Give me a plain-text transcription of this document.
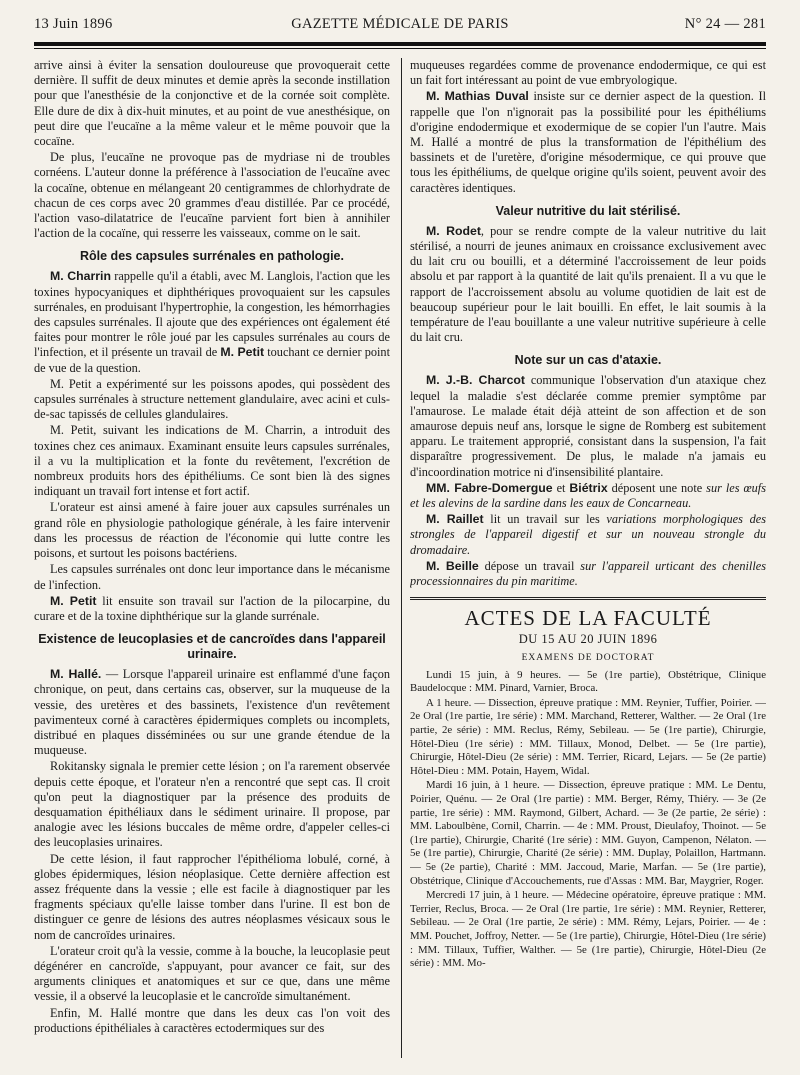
13 Juin 1896	GAZETTE MÉDICALE DE PARIS	N° 24 — 281

arrive ainsi à éviter la sensation douloureuse que provoquerait cette dernière. Il suffit de deux minutes et demie après la seconde instillation pour que l'anesthésie de la conjonctive et de la cornée soit complète. Elle dure de dix à dix-huit minutes, et au point de vue anesthésique, on peut dire que l'eucaïne a la même valeur et le même pouvoir que la cocaïne.

De plus, l'eucaïne ne provoque pas de mydriase ni de troubles cornéens. L'auteur donne la préférence à l'association de l'eucaïne avec la cocaïne, obtenue en mélangeant 20 centigrammes de chlorhydrate de chacun de ces corps avec 20 grammes d'eau distillée. Par ce procédé, l'action vaso-dilatatrice de l'eucaïne parvient fort bien à annihiler l'action de la cocaïne, qui resserre les vaisseaux, comme on le sait.

Rôle des capsules surrénales en pathologie.

M. Charrin rappelle qu'il a établi, avec M. Langlois, l'action que les toxines hypocyaniques et diphthériques provoquaient sur les capsules surrénales, en produisant l'hypertrophie, la congestion, les hémorrhagies des capsules surrénales. Il ajoute que des expériences ont également été faites pour montrer le rôle joué par les capsules surrénales au cours de l'infection, et il présente un travail de M. Petit touchant ce dernier point de vue de la question.

M. Petit a expérimenté sur les poissons apodes, qui possèdent des capsules surrénales à structure nettement glandulaire, avec acini et culs-de-sac tapissés de cellules glandulaires.

M. Petit, suivant les indications de M. Charrin, a introduit des toxines chez ces animaux. Examinant ensuite leurs capsules surrénales, il a vu la multiplication et la fonte du revêtement, l'excrétion de nombreux produits hors des épithéliums. Ce sont bien là des signes indiquant un travail fort intense et fort actif.

L'orateur est ainsi amené à faire jouer aux capsules surrénales un grand rôle en physiologie pathologique générale, à les faire intervenir dans les processus de réaction de l'économie qui lutte contre les poisons, et surtout les poisons bactériens.

Les capsules surrénales ont donc leur importance dans le mécanisme de l'infection.

M. Petit lit ensuite son travail sur l'action de la pilocarpine, du curare et de la toxine diphthérique sur la glande surrénale.

Existence de leucoplasies et de cancroïdes dans l'appareil urinaire.

M. Hallé. — Lorsque l'appareil urinaire est enflammé d'une façon chronique, on peut, dans certains cas, observer, sur la muqueuse de la vessie, des uretères et des bassinets, l'existence d'un revêtement pavimenteux corné à caractères épidermiques complets ou incomplets, distribué en plaques disséminées ou sur une grande étendue de la muqueuse.

Rokitansky signala le premier cette lésion ; on l'a rarement observée depuis cette époque, et l'orateur n'en a rencontré que sept cas. Il croit qu'on peut la diagnostiquer par la présence des produits de desquamation épithéliaux dans le sédiment urinaire. Il propose, par analogie avec les lésions buccales de même ordre, d'appeler celles-ci des leucoplasies urinaires.

De cette lésion, il faut rapprocher l'épithélioma lobulé, corné, à globes épidermiques, lésion néoplasique. Cette dernière affection est assez fréquente dans la vessie ; elle est facile à diagnostiquer par les fragments spéciaux qu'elle laisse tomber dans l'urine. Il est bon de distinguer ce genre de lésions des autres néoplasmes vésicaux sous le nom de cancroïdes urinaires.

L'orateur croit qu'à la vessie, comme à la bouche, la leucoplasie peut dégénérer en cancroïde, s'appuyant, pour avancer ce fait, sur des arguments cliniques et anatomiques et sur ce que, dans une même vessie, il a observé la leucoplasie et le cancroïde simultanément.

Enfin, M. Hallé montre que dans les deux cas l'on voit des productions épithéliales à caractères ectodermiques sur des

muqueuses regardées comme de provenance endodermique, ce qui est un fait fort intéressant au point de vue embryologique.

M. Mathias Duval insiste sur ce dernier aspect de la question. Il rappelle que l'on n'ignorait pas la possibilité pour les épithéliums d'origine endodermique et exodermique de se copier l'un l'autre. Mais M. Hallé a montré de plus la transformation de l'épithélium des bassinets et de l'uretère, d'origine mésodermique, ce qui prouve que tous les épithéliums, de quelque origine qu'ils soient, peuvent avoir des caractères identiques.

Valeur nutritive du lait stérilisé.

M. Rodet, pour se rendre compte de la valeur nutritive du lait stérilisé, a nourri de jeunes animaux en croissance exclusivement avec du lait cru ou bouilli, et a déterminé l'accroissement de leur poids absolu et par rapport à la quantité de lait qu'ils prenaient. Il a vu que le rapport de l'accroissement absolu au volume quotidien de lait est de beaucoup supérieur pour le lait bouilli. En effet, le lait soumis à la température de l'eau bouillante a une valeur nutritive supérieure à celle du lait cru.

Note sur un cas d'ataxie.

M. J.-B. Charcot communique l'observation d'un ataxique chez lequel la maladie s'est déclarée comme premier symptôme par l'amaurose. Le malade était déjà atteint de son affection et de son amaurose depuis neuf ans, lorsque le signe de Romberg est subitement apparu. Le traitement approprié, consistant dans la suspension, l'a fait disparaître progressivement. De plus, le malade n'a jamais eu d'incoordination motrice ni d'insensibilité plantaire.

MM. Fabre-Domergue et Biétrix déposent une note sur les œufs et les alevins de la sardine dans les eaux de Concarneau.

M. Raillet lit un travail sur les variations morphologiques des strongles de l'appareil digestif et sur un nouveau strongle du dromadaire.

M. Beille dépose un travail sur l'appareil urticant des chenilles processionnaires du pin maritime.

ACTES DE LA FACULTÉ
DU 15 AU 20 JUIN 1896
EXAMENS DE DOCTORAT

Lundi 15 juin, à 9 heures. — 5e (1re partie), Obstétrique, Clinique Baudelocque : MM. Pinard, Varnier, Broca.

A 1 heure. — Dissection, épreuve pratique : MM. Reynier, Tuffier, Poirier. — 2e Oral (1re partie, 1re série) : MM. Marchand, Retterer, Walther. — 2e Oral (1re partie, 2e série) : MM. Reclus, Rémy, Sebileau. — 5e (1re partie), Chirurgie, Hôtel-Dieu (1re série) : MM. Tillaux, Monod, Delbet. — 5e (1re partie), Chirurgie, Hôtel-Dieu (2e série) : MM. Terrier, Ricard, Lejars. — 5e (2e partie) Hôtel-Dieu : MM. Potain, Hayem, Widal.

Mardi 16 juin, à 1 heure. — Dissection, épreuve pratique : MM. Le Dentu, Poirier, Quénu. — 2e Oral (1re partie) : MM. Berger, Rémy, Thiéry. — 3e (2e partie, 1re série) : MM. Raymond, Gilbert, Achard. — 3e (2e partie, 2e série) : MM. Laboulbène, Cornil, Charrin. — 4e : MM. Proust, Dieulafoy, Thoinot. — 5e (1re partie), Chirurgie, Charité (1re série) : MM. Guyon, Campenon, Nélaton. — 5e (1re partie), Chirurgie, Charité (2e série) : MM. Duplay, Polaillon, Hartmann. — 5e (2e partie), Charité : MM. Jaccoud, Marie, Marfan. — 5e (1re partie), Obstétrique, Clinique d'Accouchements, rue d'Assas : MM. Bar, Maygrier, Roger.

Mercredi 17 juin, à 1 heure. — Médecine opératoire, épreuve pratique : MM. Terrier, Reclus, Broca. — 2e Oral (1re partie, 1re série) : MM. Reynier, Retterer, Sebileau. — 2e Oral (1re partie, 2e série) : MM. Rémy, Lejars, Poirier. — 4e : MM. Pouchet, Joffroy, Netter. — 5e (1re partie), Chirurgie, Hôtel-Dieu (1re série) : MM. Tillaux, Tuffier, Walther. — 5e (1re partie), Chirurgie, Hôtel-Dieu (2e série) : MM. Mo-
